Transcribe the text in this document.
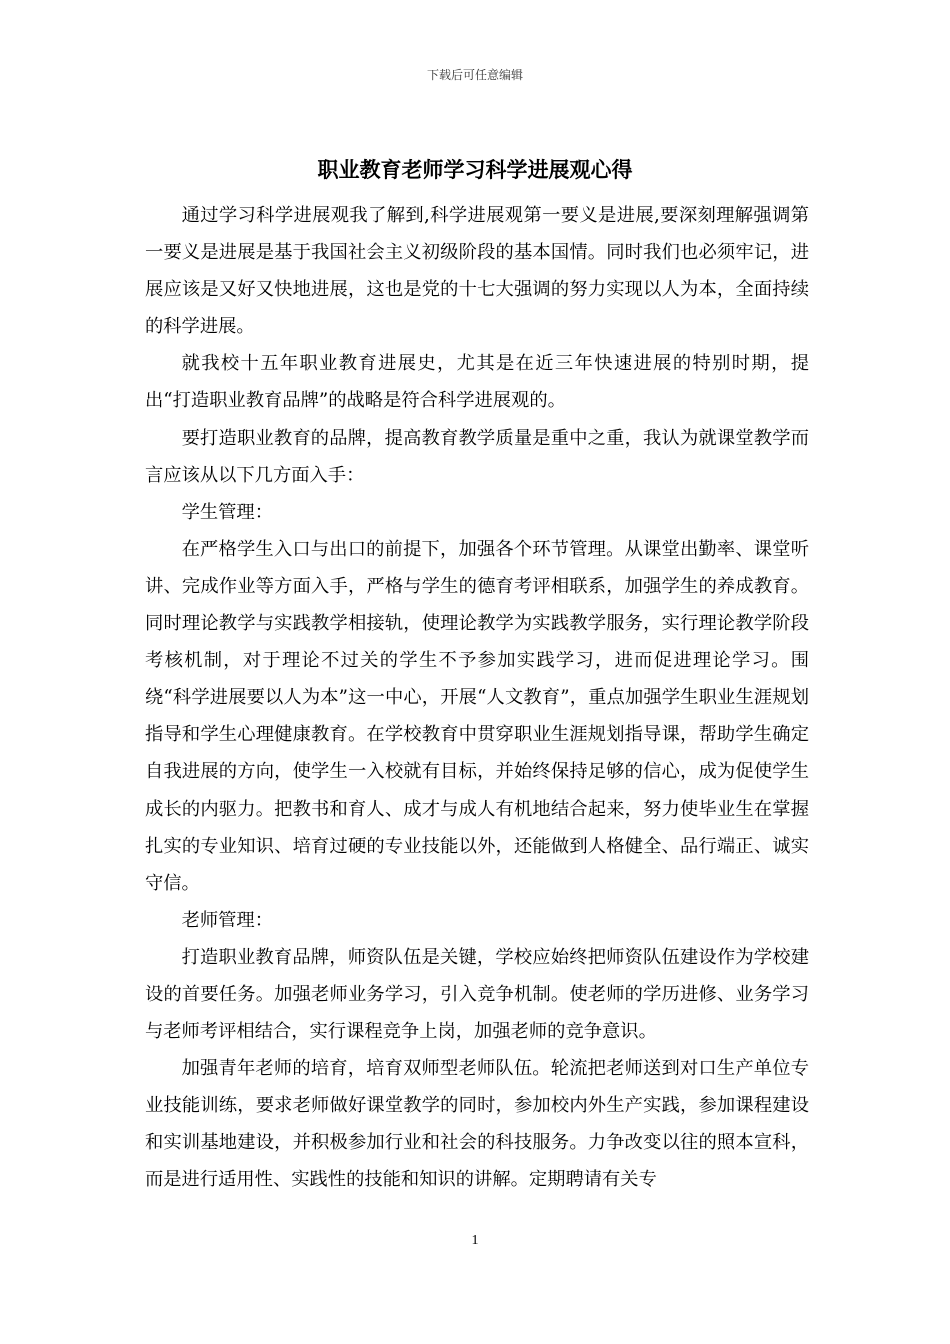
下载后可任意编辑
职业教育老师学习科学进展观心得

通过学习科学进展观我了解到,科学进展观第一要义是进展,要深刻理解强调第一要义是进展是基于我国社会主义初级阶段的基本国情。同时我们也必须牢记，进展应该是又好又快地进展，这也是党的十七大强调的努力实现以人为本，全面持续的科学进展。

就我校十五年职业教育进展史，尤其是在近三年快速进展的特别时期，提出“打造职业教育品牌”的战略是符合科学进展观的。

要打造职业教育的品牌，提高教育教学质量是重中之重，我认为就课堂教学而言应该从以下几方面入手：

学生管理：

在严格学生入口与出口的前提下，加强各个环节管理。从课堂出勤率、课堂听讲、完成作业等方面入手，严格与学生的德育考评相联系，加强学生的养成教育。同时理论教学与实践教学相接轨，使理论教学为实践教学服务，实行理论教学阶段考核机制，对于理论不过关的学生不予参加实践学习，进而促进理论学习。围绕“科学进展要以人为本”这一中心，开展“人文教育”，重点加强学生职业生涯规划指导和学生心理健康教育。在学校教育中贯穿职业生涯规划指导课，帮助学生确定自我进展的方向，使学生一入校就有目标，并始终保持足够的信心，成为促使学生成长的内驱力。把教书和育人、成才与成人有机地结合起来，努力使毕业生在掌握扎实的专业知识、培育过硬的专业技能以外，还能做到人格健全、品行端正、诚实守信。

老师管理：

打造职业教育品牌，师资队伍是关键，学校应始终把师资队伍建设作为学校建设的首要任务。加强老师业务学习，引入竞争机制。使老师的学历进修、业务学习与老师考评相结合，实行课程竞争上岗，加强老师的竞争意识。

加强青年老师的培育，培育双师型老师队伍。轮流把老师送到对口生产单位专业技能训练，要求老师做好课堂教学的同时，参加校内外生产实践，参加课程建设和实训基地建设，并积极参加行业和社会的科技服务。力争改变以往的照本宣科，而是进行适用性、实践性的技能和知识的讲解。定期聘请有关专

1
